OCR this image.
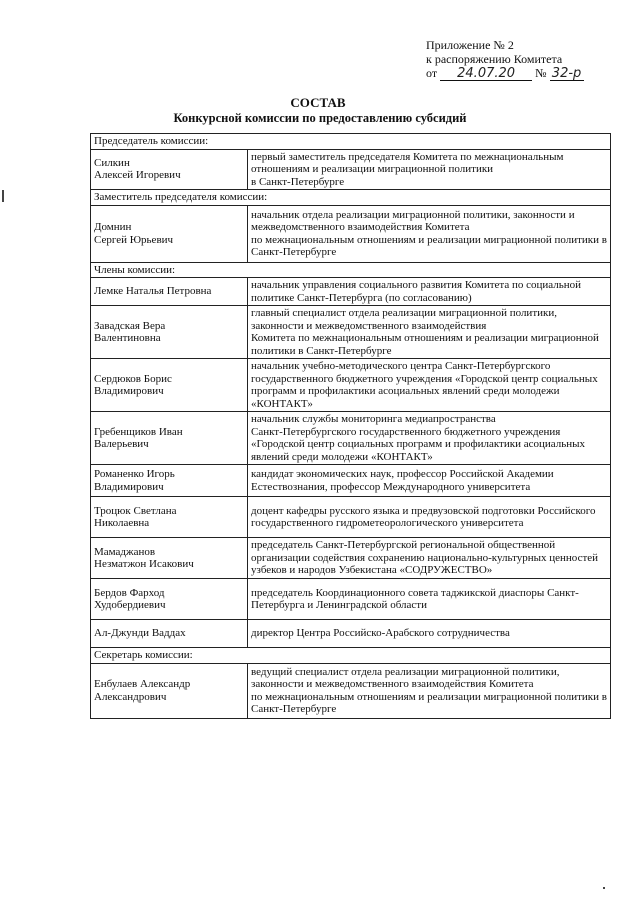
Приложение № 2
к распоряжению Комитета
от 24.07.20 № 32-р
СОСТАВ
Конкурсной комиссии по предоставлению субсидий
Председатель комиссии:	
Силкин
Алексей Игоревич	первый заместитель председателя Комитета по межнациональным отношениям и реализации миграционной политики
в Санкт-Петербурге
Заместитель председателя комиссии:	
Домнин
Сергей Юрьевич	начальник отдела реализации миграционной политики, законности и межведомственного взаимодействия Комитета
по межнациональным отношениям и реализации миграционной политики в Санкт-Петербурге
Члены комиссии:	
Лемке Наталья Петровна	начальник управления социального развития Комитета по социальной политике Санкт-Петербурга (по согласованию)
Завадская Вера
Валентиновна	главный специалист отдела реализации миграционной политики, законности и межведомственного взаимодействия
Комитета по межнациональным отношениям и реализации миграционной политики в Санкт-Петербурге
Сердюков Борис
Владимирович	начальник учебно-методического центра Санкт-Петербургского государственного бюджетного учреждения «Городской центр социальных программ и профилактики асоциальных явлений среди молодежи «КОНТАКТ»
Гребенщиков Иван
Валерьевич	начальник службы мониторинга медиапространства
Санкт-Петербургского государственного бюджетного учреждения «Городской центр социальных программ и профилактики асоциальных явлений среди молодежи «КОНТАКТ»
Романенко Игорь
Владимирович	кандидат экономических наук, профессор Российской Академии Естествознания, профессор Международного университета
Троцюк Светлана
Николаевна	доцент кафедры русского языка и предвузовской подготовки Российского государственного гидрометеорологического университета
Мамаджанов
Незматжон Исакович	председатель Санкт-Петербургской региональной общественной организации содействия сохранению национально-культурных ценностей узбеков и народов Узбекистана «СОДРУЖЕСТВО»
Бердов Фарход
Худобердиевич	председатель Координационного совета таджикской диаспоры Санкт-Петербурга и Ленинградской области
Ал-Джунди Ваддах	директор Центра Российско-Арабского сотрудничества
Секретарь комиссии:	
Енбулаев Александр
Александрович	ведущий специалист отдела реализации миграционной политики, законности и межведомственного взаимодействия Комитета
по межнациональным отношениям и реализации миграционной политики в Санкт-Петербурге
